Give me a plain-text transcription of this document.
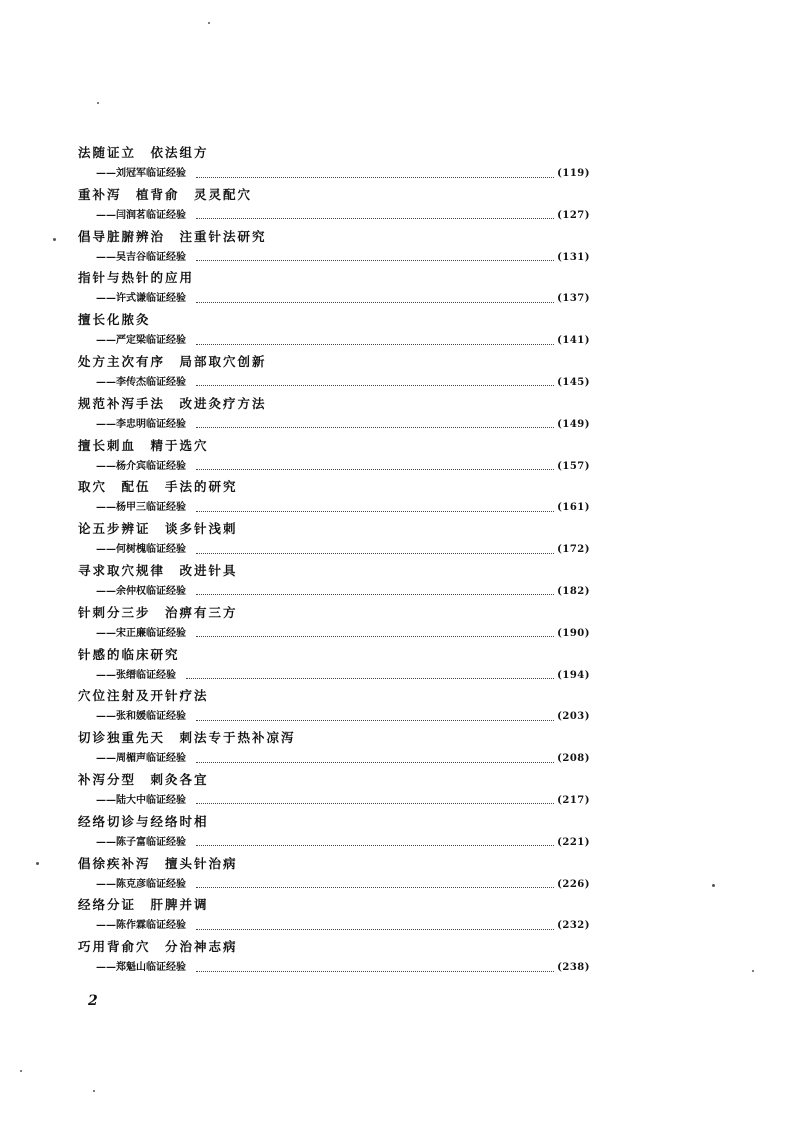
法随证立　依法组方
——刘冠军临证经验	(119)
重补泻　植背俞　灵灵配穴
——闫润茗临证经验	(127)
倡导脏腑辨治　注重针法研究
——吴吉谷临证经验	(131)
指针与热针的应用
——许式谦临证经验	(137)
擅长化脓灸
——严定梁临证经验	(141)
处方主次有序　局部取穴创新
——李传杰临证经验	(145)
规范补泻手法　改进灸疗方法
——李忠明临证经验	(149)
擅长刺血　精于选穴
——杨介宾临证经验	(157)
取穴　配伍　手法的研究
——杨甲三临证经验	(161)
论五步辨证　谈多针浅刺
——何树槐临证经验	(172)
寻求取穴规律　改进针具
——余仲权临证经验	(182)
针刺分三步　治痹有三方
——宋正廉临证经验	(190)
针感的临床研究
——张缙临证经验	(194)
穴位注射及开针疗法
——张和媛临证经验	(203)
切诊独重先天　刺法专于热补凉泻
——周楣声临证经验	(208)
补泻分型　刺灸各宜
——陆大中临证经验	(217)
经络切诊与经络时相
——陈子富临证经验	(221)
倡徐疾补泻　擅头针治病
——陈克彦临证经验	(226)
经络分证　肝脾并调
——陈作霖临证经验	(232)
巧用背俞穴　分治神志病
——郑魁山临证经验	(238)
2
